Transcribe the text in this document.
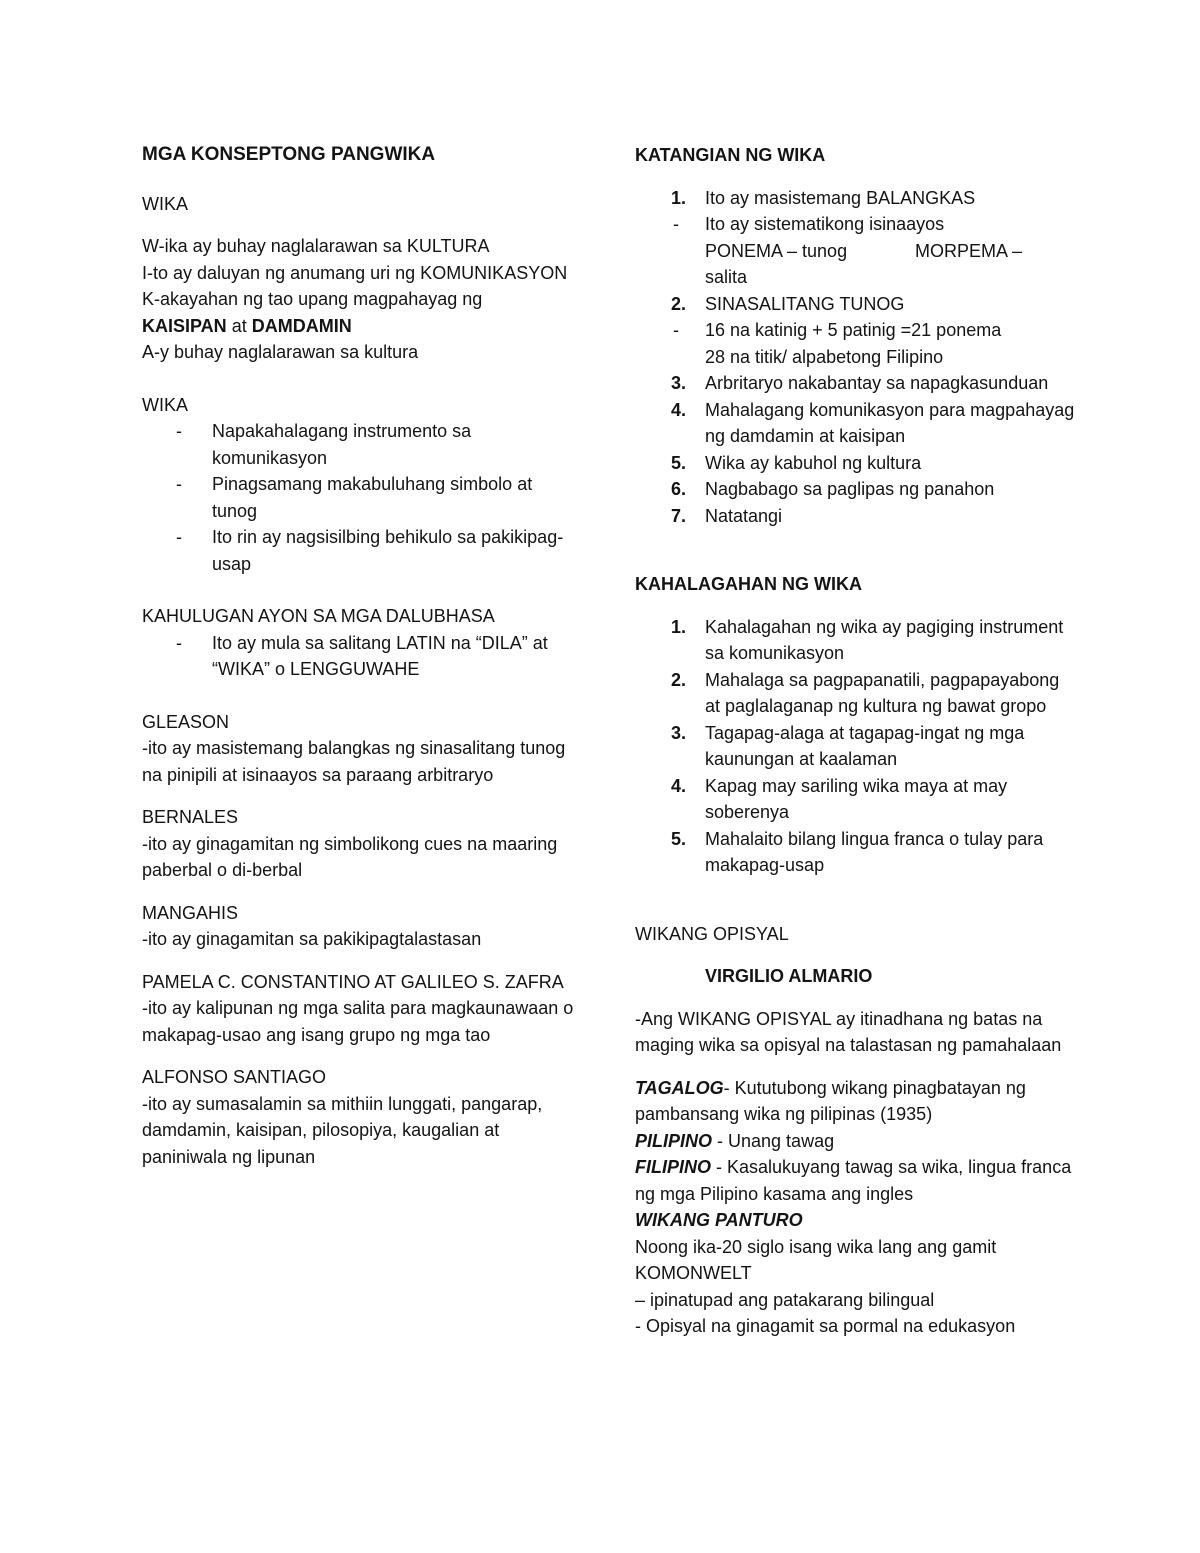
MGA KONSEPTONG PANGWIKA

WIKA

W-ika ay buhay naglalarawan sa KULTURA

I-to ay daluyan ng anumang uri ng KOMUNIKASYON

K-akayahan ng tao upang magpahayag ng

KAISIPAN at DAMDAMIN

A-y buhay naglalarawan sa kultura

WIKA

- Napakahalagang instrumento sa komunikasyon
- Pinagsamang makabuluhang simbolo at tunog
- Ito rin ay nagsisilbing behikulo sa pakikipag-usap

KAHULUGAN AYON SA MGA DALUBHASA

- Ito ay mula sa salitang LATIN na “DILA” at “WIKA” o LENGGUWAHE

GLEASON

-ito ay masistemang balangkas ng sinasalitang tunog na pinipili at isinaayos sa paraang arbitraryo

BERNALES

-ito ay ginagamitan ng simbolikong cues na maaring paberbal o di-berbal

MANGAHIS

-ito ay ginagamitan sa pakikipagtalastasan

PAMELA C. CONSTANTINO AT GALILEO S. ZAFRA

-ito ay kalipunan ng mga salita para magkaunawaan o makapag-usao ang isang grupo ng mga tao

ALFONSO SANTIAGO

-ito ay sumasalamin sa mithiin lunggati, pangarap, damdamin, kaisipan, pilosopiya, kaugalian at paniniwala ng lipunan

KATANGIAN NG WIKA

1. Ito ay masistemang BALANGKAS
- Ito ay sistematikong isinaayos
PONEMA – tunog	MORPEMA –
salita
2. SINASALITANG TUNOG
- 16 na katinig + 5 patinig =21 ponema
28 na titik/ alpabetong Filipino
3. Arbritaryo nakabantay sa napagkasunduan
4. Mahalagang komunikasyon para magpahayag ng damdamin at kaisipan
5. Wika ay kabuhol ng kultura
6. Nagbabago sa paglipas ng panahon
7. Natatangi

KAHALAGAHAN NG WIKA

1. Kahalagahan ng wika ay pagiging instrument sa komunikasyon
2. Mahalaga sa pagpapanatili, pagpapayabong at paglalaganap ng kultura ng bawat gropo
3. Tagapag-alaga at tagapag-ingat ng mga kaunungan at kaalaman
4. Kapag may sariling wika maya at may soberenya
5. Mahalaito bilang lingua franca o tulay para makapag-usap

WIKANG OPISYAL

VIRGILIO ALMARIO

-Ang WIKANG OPISYAL ay itinadhana ng batas na maging wika sa opisyal na talastasan ng pamahalaan

TAGALOG- Kututubong wikang pinagbatayan ng pambansang wika ng pilipinas (1935)

PILIPINO - Unang tawag

FILIPINO - Kasalukuyang tawag sa wika, lingua franca ng mga Pilipino kasama ang ingles

WIKANG PANTURO

Noong ika-20 siglo isang wika lang ang gamit

KOMONWELT

– ipinatupad ang patakarang bilingual

- Opisyal na ginagamit sa pormal na edukasyon
